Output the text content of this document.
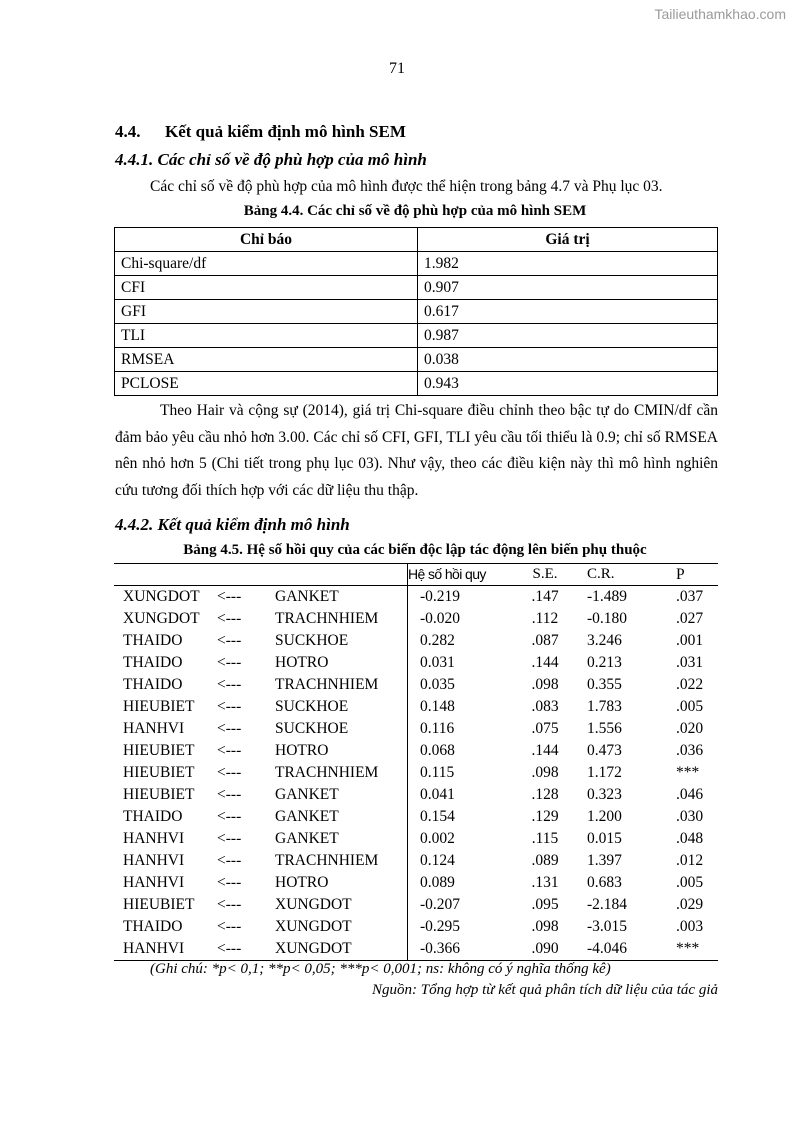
Tailieuthamkhao.com
71
4.4. Kết quả kiểm định mô hình SEM
4.4.1. Các chỉ số về độ phù hợp của mô hình
Các chỉ số về độ phù hợp của mô hình được thể hiện trong bảng 4.7 và Phụ lục 03.
Bảng 4.4. Các chỉ số về độ phù hợp của mô hình SEM
Chỉ báo	Giá trị
Chi-square/df	1.982
CFI	0.907
GFI	0.617
TLI	0.987
RMSEA	0.038
PCLOSE	0.943
Theo Hair và cộng sự (2014), giá trị Chi-square điều chỉnh theo bậc tự do CMIN/df cần đảm bảo yêu cầu nhỏ hơn 3.00. Các chỉ số CFI, GFI, TLI yêu cầu tối thiểu là 0.9; chỉ số RMSEA nên nhỏ hơn 5 (Chi tiết trong phụ lục 03). Như vậy, theo các điều kiện này thì mô hình nghiên cứu tương đối thích hợp với các dữ liệu thu thập.
4.4.2. Kết quả kiểm định mô hình
Bảng 4.5. Hệ số hồi quy của các biến độc lập tác động lên biến phụ thuộc
			Hệ số hồi quy	S.E.	C.R.	P
XUNGDOT	<---	GANKET	-0.219	.147	-1.489	.037
XUNGDOT	<---	TRACHNHIEM	-0.020	.112	-0.180	.027
THAIDO	<---	SUCKHOE	0.282	.087	3.246	.001
THAIDO	<---	HOTRO	0.031	.144	0.213	.031
THAIDO	<---	TRACHNHIEM	0.035	.098	0.355	.022
HIEUBIET	<---	SUCKHOE	0.148	.083	1.783	.005
HANHVI	<---	SUCKHOE	0.116	.075	1.556	.020
HIEUBIET	<---	HOTRO	0.068	.144	0.473	.036
HIEUBIET	<---	TRACHNHIEM	0.115	.098	1.172	***
HIEUBIET	<---	GANKET	0.041	.128	0.323	.046
THAIDO	<---	GANKET	0.154	.129	1.200	.030
HANHVI	<---	GANKET	0.002	.115	0.015	.048
HANHVI	<---	TRACHNHIEM	0.124	.089	1.397	.012
HANHVI	<---	HOTRO	0.089	.131	0.683	.005
HIEUBIET	<---	XUNGDOT	-0.207	.095	-2.184	.029
THAIDO	<---	XUNGDOT	-0.295	.098	-3.015	.003
HANHVI	<---	XUNGDOT	-0.366	.090	-4.046	***
(Ghi chú: *p< 0,1; **p< 0,05; ***p< 0,001; ns: không có ý nghĩa thống kê)
Nguồn: Tổng hợp từ kết quả phân tích dữ liệu của tác giả
